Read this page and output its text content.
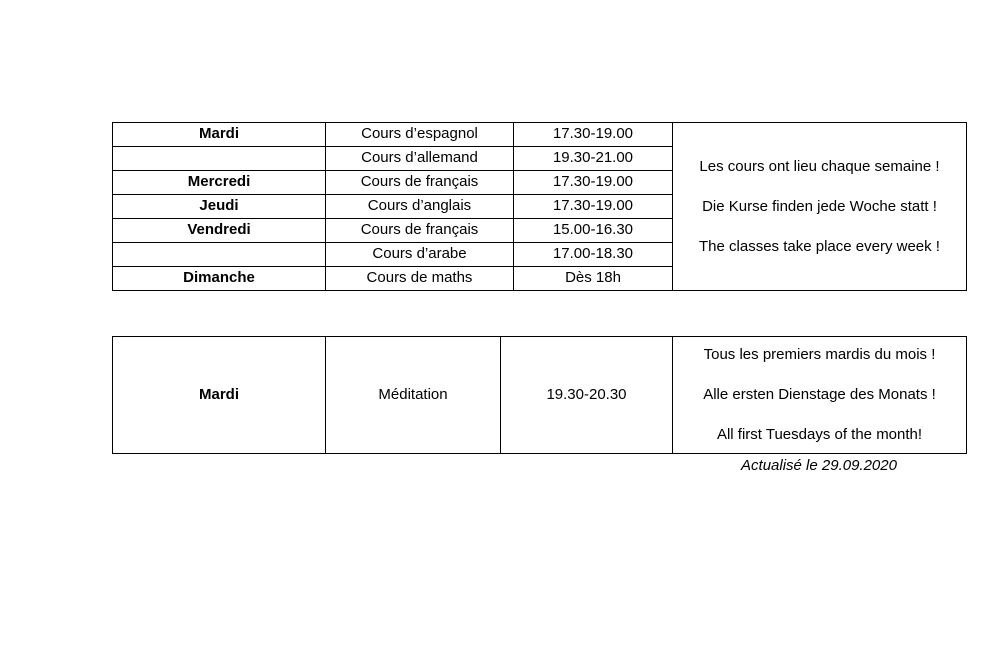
Mardi	Cours d’espagnol	17.30-19.00	Les cours ont lieu chaque semaine !
Die Kurse finden jede Woche statt !
The classes take place every week !

	Cours d’allemand	19.30-21.00	
Mercredi	Cours de français	17.30-19.00	
Jeudi	Cours d’anglais	17.30-19.00	
Vendredi	Cours de français	15.00-16.30	
	Cours d’arabe	17.00-18.30	
Dimanche	Cours de maths	Dès 18h	
Mardi	Méditation	19.30-20.30	
Tous les premiers mardis du mois !
Alle ersten Dienstage des Monats !
All first Tuesdays of the month!
Actualisé le 29.09.2020
